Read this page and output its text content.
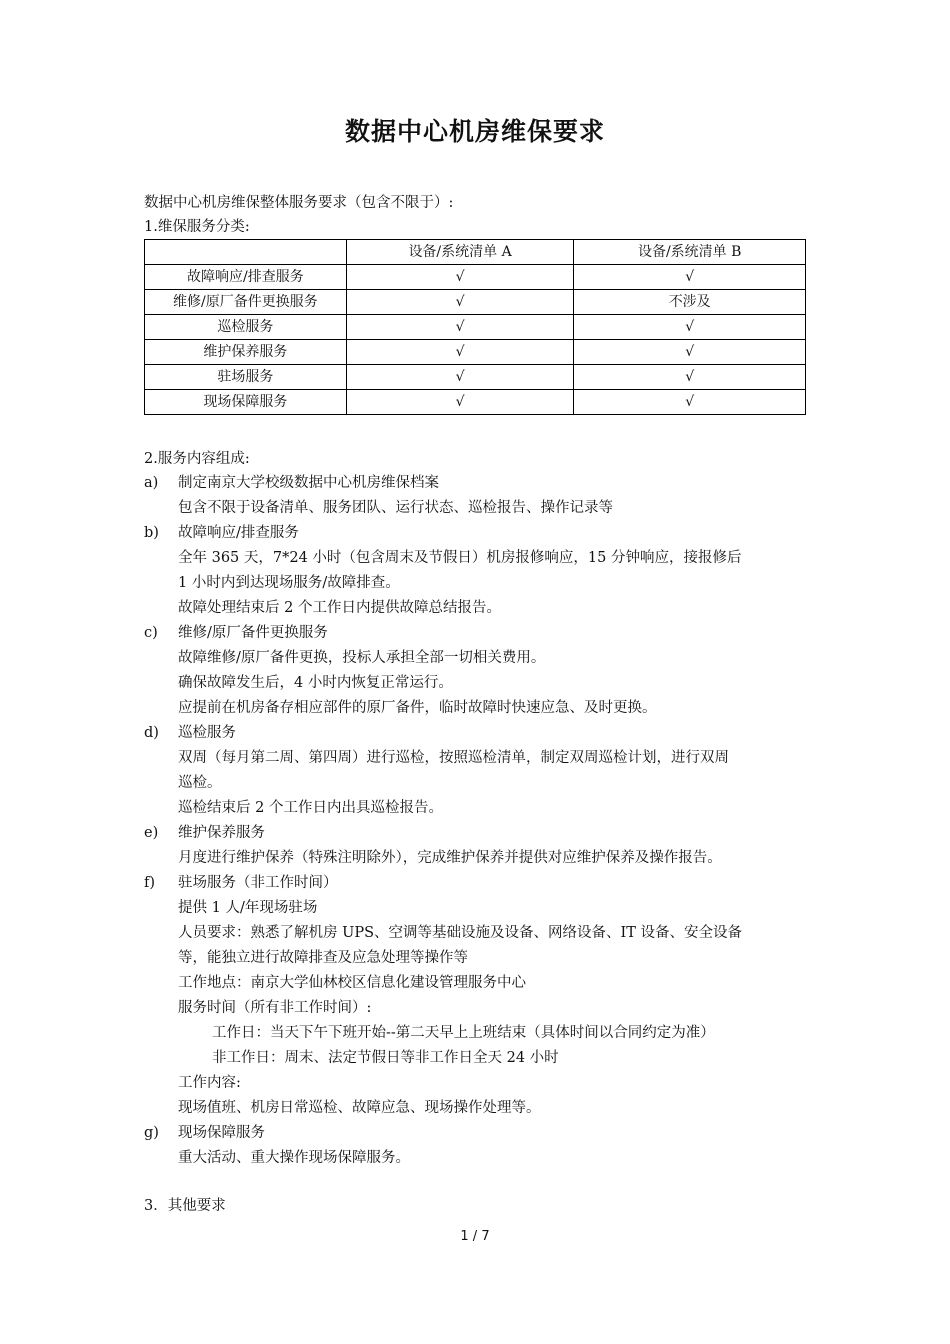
数据中心机房维保要求
数据中心机房维保整体服务要求（包含不限于）:
1.维保服务分类:
	设备/系统清单 A	设备/系统清单 B
故障响应/排查服务	√	√
维修/原厂备件更换服务	√	不涉及
巡检服务	√	√
维护保养服务	√	√
驻场服务	√	√
现场保障服务	√	√
2.服务内容组成:
a) 制定南京大学校级数据中心机房维保档案
包含不限于设备清单、服务团队、运行状态、巡检报告、操作记录等
b) 故障响应/排查服务
全年 365 天，7*24 小时（包含周末及节假日）机房报修响应，15 分钟响应，接报修后
1 小时内到达现场服务/故障排查。
故障处理结束后 2 个工作日内提供故障总结报告。
c) 维修/原厂备件更换服务
故障维修/原厂备件更换，投标人承担全部一切相关费用。
确保故障发生后，4 小时内恢复正常运行。
应提前在机房备存相应部件的原厂备件，临时故障时快速应急、及时更换。
d) 巡检服务
双周（每月第二周、第四周）进行巡检，按照巡检清单，制定双周巡检计划，进行双周
巡检。
巡检结束后 2 个工作日内出具巡检报告。
e) 维护保养服务
月度进行维护保养（特殊注明除外），完成维护保养并提供对应维护保养及操作报告。
f) 驻场服务（非工作时间）
提供 1 人/年现场驻场
人员要求：熟悉了解机房 UPS、空调等基础设施及设备、网络设备、IT 设备、安全设备
等，能独立进行故障排查及应急处理等操作等
工作地点：南京大学仙林校区信息化建设管理服务中心
服务时间（所有非工作时间）:
工作日：当天下午下班开始--第二天早上上班结束（具体时间以合同约定为准）
非工作日：周末、法定节假日等非工作日全天 24 小时
工作内容:
现场值班、机房日常巡检、故障应急、现场操作处理等。
g) 现场保障服务
重大活动、重大操作现场保障服务。
3．其他要求
1 / 7
